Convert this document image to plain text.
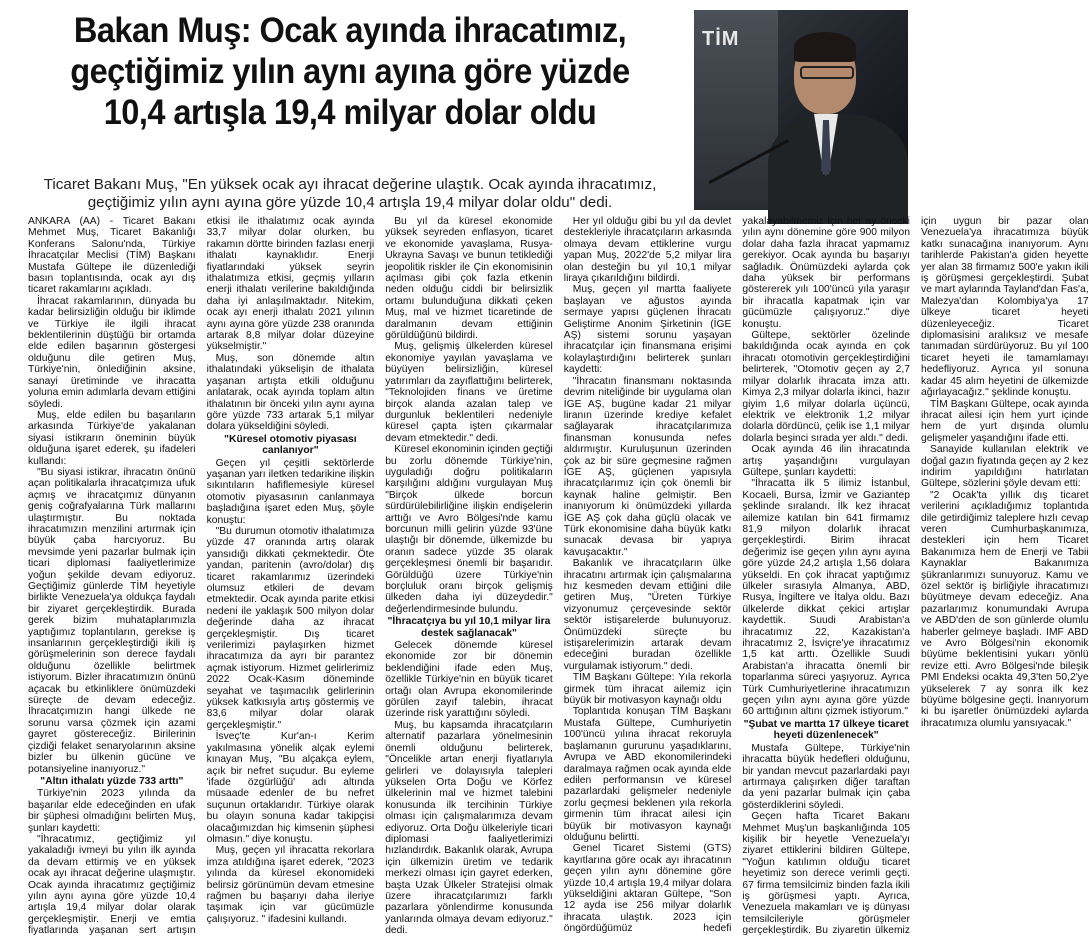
Bakan Muş: Ocak ayında ihracatımız,
geçtiğimiz yılın aynı ayına göre yüzde
10,4 artışla 19,4 milyar dolar oldu
TİM

Ticaret Bakanı Muş, "En yüksek ocak ayı ihracat değerine ulaştık. Ocak ayında ihracatımız,
geçtiğimiz yılın aynı ayına göre yüzde 10,4 artışla 19,4 milyar dolar oldu" dedi.

ANKARA (AA) - Ticaret Bakanı Mehmet Muş, Ticaret Bakanlığı Konferans Salonu'nda, Türkiye İhracatçılar Meclisi (TİM) Başkanı Mustafa Gültepe ile düzenlediği basın toplantısında, ocak ayı dış ticaret rakamlarını açıkladı.

İhracat rakamlarının, dünyada bu kadar belirsizliğin olduğu bir iklimde ve Türkiye ile ilgili ihracat beklentilerinin düştüğü bir ortamda elde edilen başarının göstergesi olduğunu dile getiren Muş, Türkiye'nin, önlediğinin aksine, sanayi üretiminde ve ihracatta yoluna emin adımlarla devam ettiğini söyledi.

Muş, elde edilen bu başarıların arkasında Türkiye'de yakalanan siyasi istikrarın öneminin büyük olduğuna işaret ederek, şu ifadeleri kullandı:

"Bu siyasi istikrar, ihracatın önünü açan politikalarla ihracatçımıza ufuk açmış ve ihracatçımız dünyanın geniş coğrafyalarına Türk mallarını ulaştırmıştır. Bu noktada ihracatımızın menzilini artırmak için büyük çaba harcıyoruz. Bu mevsimde yeni pazarlar bulmak için ticari diplomasi faaliyetlerimize yoğun şekilde devam ediyoruz. Geçtiğimiz günlerde TİM heyetiyle birlikte Venezuela'ya oldukça faydalı bir ziyaret gerçekleştirdik. Burada gerek bizim muhataplarımızla yaptığımız toplantıların, gerekse iş insanlarının gerçekleştirdiği ikili iş görüşmelerinin son derece faydalı olduğunu özellikle belirtmek istiyorum. Bizler ihracatımızın önünü açacak bu etkinliklere önümüzdeki süreçte de devam edeceğiz. İhracatçımızın hangi ülkede ne sorunu varsa çözmek için azami gayret göstereceğiz. Birilerinin çizdiği felaket senaryolarının aksine bizler bu ülkenin gücüne ve potansiyeline inanıyoruz."

"Altın ithalatı yüzde 733 arttı"

Türkiye'nin 2023 yılında da başarılar elde edeceğinden en ufak bir şüphesi olmadığını belirten Muş, şunları kaydetti:

"İhracatımız, geçtiğimiz yıl yakaladığı ivmeyi bu yılın ilk ayında da devam ettirmiş ve en yüksek ocak ayı ihracat değerine ulaşmıştır. Ocak ayında ihracatımız geçtiğimiz yılın aynı ayına göre yüzde 10,4 artışla 19,4 milyar dolar olarak gerçekleşmiştir. Enerji ve emtia fiyatlarında yaşanan sert artışın etkisi ile ithalatımız ocak ayında 33,7 milyar dolar olurken, bu rakamın dörtte birinden fazlası enerji ithalatı kaynaklıdır. Enerji fiyatlarındaki yüksek seyrin ithalatımıza etkisi, geçmiş yılların enerji ithalatı verilerine bakıldığında daha iyi anlaşılmaktadır. Nitekim, ocak ayı enerji ithalatı 2021 yılının aynı ayına göre yüzde 238 oranında artarak 8,8 milyar dolar düzeyine yükselmiştir."

Muş, son dönemde altın ithalatındaki yükselişin de ithalata yaşanan artışta etkili olduğunu anlatarak, ocak ayında toplam altın ithalatının bir önceki yılın aynı ayına göre yüzde 733 artarak 5,1 milyar dolara yükseldiğini söyledi.

"Küresel otomotiv piyasası canlanıyor"

Geçen yıl çeşitli sektörlerde yaşanan yarı iletken tedarikine ilişkin sıkıntıların hafiflemesiyle küresel otomotiv piyasasının canlanmaya başladığına işaret eden Muş, şöyle konuştu:

"Bu durumun otomotiv ithalatımıza yüzde 47 oranında artış olarak yansıdığı dikkati çekmektedir. Öte yandan, paritenin (avro/dolar) dış ticaret rakamlarımız üzerindeki olumsuz etkileri de devam etmektedir. Ocak ayında parite etkisi nedeni ile yaklaşık 500 milyon dolar değerinde daha az ihracat gerçekleşmiştir. Dış ticaret verilerimizi paylaşırken hizmet ihracatımıza da ayrı bir parantez açmak istiyorum. Hizmet gelirlerimiz 2022 Ocak-Kasım döneminde seyahat ve taşımacılık gelirlerinin yüksek katkısıyla artış göstermiş ve 83,6 milyar dolar olarak gerçekleşmiştir."

İsveç'te Kur'an-ı Kerim yakılmasına yönelik alçak eylemi kınayan Muş, "Bu alçakça eylem, açık bir nefret suçudur. Bu eyleme 'ifade özgürlüğü' adı altında müsaade edenler de bu nefret suçunun ortaklarıdır. Türkiye olarak bu olayın sonuna kadar takipçisi olacağımızdan hiç kimsenin şüphesi olmasın." diye konuştu.

Muş, geçen yıl ihracatta rekorlara imza atıldığına işaret ederek, "2023 yılında da küresel ekonomideki belirsiz görünümün devam etmesine rağmen bu başarıyı daha ileriye taşımak için var gücümüzle çalışıyoruz. " ifadesini kullandı.

Bu yıl da küresel ekonomide yüksek seyreden enflasyon, ticaret ve ekonomide yavaşlama, Rusya-Ukrayna Savaşı ve bunun tetiklediği jeopolitik riskler ile Çin ekonomisinin açılması gibi çok fazla etkenin neden olduğu ciddi bir belirsizlik ortamı bulunduğuna dikkati çeken Muş, mal ve hizmet ticaretinde de daralmanın devam ettiğinin görüldüğünü bildirdi.

Muş, gelişmiş ülkelerden küresel ekonomiye yayılan yavaşlama ve büyüyen belirsizliğin, küresel yatırımları da zayıflattığını belirterek, "Teknolojiden finans ve üretime birçok alanda azalan talep ve durgunluk beklentileri nedeniyle küresel çapta işten çıkarmalar devam etmektedir." dedi.

Küresel ekonominin içinden geçtiği bu zorlu dönemde Türkiye'nin, uyguladığı doğru politikaların karşılığını aldığını vurgulayan Muş "Birçok ülkede borcun sürdürülebilirliğine ilişkin endişelerin arttığı ve Avro Bölgesi'nde kamu borcunun milli gelirin yüzde 93'üne ulaştığı bir dönemde, ülkemizde bu oranın sadece yüzde 35 olarak gerçekleşmesi önemli bir başarıdır. Görüldüğü üzere Türkiye'nin borçluluk oranı birçok gelişmiş ülkeden daha iyi düzeydedir." değerlendirmesinde bulundu.

"İhracatçıya bu yıl 10,1 milyar lira destek sağlanacak"

Gelecek dönemde küresel ekonomide zor bir dönemin beklendiğini ifade eden Muş, özellikle Türkiye'nin en büyük ticaret ortağı olan Avrupa ekonomilerinde görülen zayıf talebin, ihracat üzerinde risk yarattığını söyledi.

Muş, bu kapsamda ihracatçıların alternatif pazarlara yönelmesinin önemli olduğunu belirterek, "Öncelikle artan enerji fiyatlarıyla gelirleri ve dolayısıyla talepleri yükselen Orta Doğu ve Körfez ülkelerinin mal ve hizmet talebini konusunda ilk tercihinin Türkiye olması için çalışmalarımıza devam ediyoruz. Orta Doğu ülkeleriyle ticari diplomasi faaliyetlerimizi hızlandırdık. Bakanlık olarak, Avrupa için ülkemizin üretim ve tedarik merkezi olması için gayret ederken, başta Uzak Ülkeler Stratejisi olmak üzere ihracatçılarımızı farklı pazarlara yönlendirme konusunda yanlarında olmaya devam ediyoruz." dedi.

Her yıl olduğu gibi bu yıl da devlet destekleriyle ihracatçıların arkasında olmaya devam ettiklerine vurgu yapan Muş, 2022'de 5,2 milyar lira olan desteğin bu yıl 10,1 milyar liraya çıkarıldığını bildirdi.

Muş, geçen yıl martta faaliyete başlayan ve ağustos ayında sermaye yapısı güçlenen İhracatı Geliştirme Anonim Şirketinin (İGE AŞ) sistemi sorunu yaşayan ihracatçılar için finansmana erişimi kolaylaştırdığını belirterek şunları kaydetti:

"İhracatın finansmanı noktasında devrim niteliğinde bir uygulama olan İGE AŞ, bugüne kadar 21 milyar liranın üzerinde krediye kefalet sağlayarak ihracatçılarımıza finansman konusunda nefes aldırmıştır. Kuruluşunun üzerinden çok az bir süre geçmesine rağmen İGE AŞ, güçlenen yapısıyla ihracatçılarımız için çok önemli bir kaynak haline gelmiştir. Ben inanıyorum ki önümüzdeki yıllarda İGE AŞ çok daha güçlü olacak ve Türk ekonomisine daha büyük katkı sunacak devasa bir yapıya kavuşacaktır."

Bakanlık ve ihracatçıların ülke ihracatını artırmak için çalışmalarına hız kesmeden devam ettiğini dile getiren Muş, "Üreten Türkiye vizyonumuz çerçevesinde sektör sektör istişarelerde bulunuyoruz. Önümüzdeki süreçte bu istişarelerimizin artarak devam edeceğini buradan özellikle vurgulamak istiyorum." dedi.

TİM Başkanı Gültepe: Yıla rekorla girmek tüm ihracat ailemiz için büyük bir motivasyon kaynağı oldu

Toplantıda konuşan TİM Başkanı Mustafa Gültepe, Cumhuriyetin 100'üncü yılına ihracat rekoruyla başlamanın gururunu yaşadıklarını, Avrupa ve ABD ekonomilerindeki daralmaya rağmen ocak ayında elde edilen performansın ve küresel pazarlardaki gelişmeler nedeniyle zorlu geçmesi beklenen yıla rekorla girmenin tüm ihracat ailesi için büyük bir motivasyon kaynağı olduğunu belirtti.

Genel Ticaret Sistemi (GTS) kayıtlarına göre ocak ayı ihracatının geçen yılın aynı dönemine göre yüzde 10,4 artışla 19,4 milyar dolara yükseldiğini aktaran Gültepe, "Son 12 ayda ise 256 milyar dolarlık ihracata ulaştık. 2023 için öngördüğümüz hedefi yakalayabilmemiz için her ay önceki yılın aynı dönemine göre 900 milyon dolar daha fazla ihracat yapmamız gerekiyor. Ocak ayında bu başarıyı sağladık. Önümüzdeki aylarda çok daha yüksek bir performans göstererek yılı 100'üncü yıla yaraşır bir ihracatla kapatmak için var gücümüzle çalışıyoruz." diye konuştu.

Gültepe, sektörler özelinde bakıldığında ocak ayında en çok ihracatı otomotivin gerçekleştirdiğini belirterek, "Otomotiv geçen ay 2,7 milyar dolarlık ihracata imza attı. Kimya 2,3 milyar dolarla ikinci, hazır giyim 1,6 milyar dolarla üçüncü, elektrik ve elektronik 1,2 milyar dolarla dördüncü, çelik ise 1,1 milyar dolarla beşinci sırada yer aldı." dedi.

Ocak ayında 46 ilin ihracatında artış yaşandığını vurgulayan Gültepe, şunları kaydetti:

"İhracatta ilk 5 ilimiz İstanbul, Kocaeli, Bursa, İzmir ve Gaziantep şeklinde sıralandı. İlk kez ihracat ailemize katılan bin 641 firmamız 81,9 milyon dolarlık ihracat gerçekleştirdi. Birim ihracat değerimiz ise geçen yılın aynı ayına göre yüzde 24,2 artışla 1,56 dolara yükseldi. En çok ihracat yaptığımız ülkeler sırasıyla Almanya, ABD, Rusya, İngiltere ve İtalya oldu. Bazı ülkelerde dikkat çekici artışlar kaydettik. Suudi Arabistan'a ihracatımız 22, Kazakistan'a ihracatımız 2, İsviçre'ye ihracatımız 1,5 kat arttı. Özellikle Suudi Arabistan'a ihracatta önemli bir toparlanma süreci yaşıyoruz. Ayrıca Türk Cumhuriyetlerine ihracatımızın geçen yılın aynı ayına göre yüzde 60 arttığının altını çizmek istiyorum."

"Şubat ve martta 17 ülkeye ticaret heyeti düzenlenecek"

Mustafa Gültepe, Türkiye'nin ihracatta büyük hedefleri olduğunu, bir yandan mevcut pazarlardaki payı artırmaya çalışırken diğer taraftan da yeni pazarlar bulmak için çaba gösterdiklerini söyledi.

Geçen hafta Ticaret Bakanı Mehmet Muş'un başkanlığında 105 kişilik bir heyetle Venezuela'yı ziyaret ettiklerini bildiren Gültepe, "Yoğun katılımın olduğu ticaret heyetimiz son derece verimli geçti. 67 firma temsilcimiz binden fazla ikili iş görüşmesi yaptı. Ayrıca, Venezuela makamları ve iş dünyası temsilcileriyle görüşmeler gerçekleştirdik. Bu ziyaretin ülkemiz için uygun bir pazar olan Venezuela'ya ihracatımıza büyük katkı sunacağına inanıyorum. Aynı tarihlerde Pakistan'a giden heyette yer alan 38 firmamız 500'e yakın ikili iş görüşmesi gerçekleştirdi. Şubat ve mart aylarında Tayland'dan Fas'a, Malezya'dan Kolombiya'ya 17 ülkeye ticaret heyeti düzenleyeceğiz. Ticaret diplomasisini aralıksız ve mesafe tanımadan sürdürüyoruz. Bu yıl 100 ticaret heyeti ile tamamlamayı hedefliyoruz. Ayrıca yıl sonuna kadar 45 alım heyetini de ülkemizde ağırlayacağız." şeklinde konuştu.

TİM Başkanı Gültepe, ocak ayında ihracat ailesi için hem yurt içinde hem de yurt dışında olumlu gelişmeler yaşandığını ifade etti.

Sanayide kullanılan elektrik ve doğal gazın fiyatında geçen ay 2 kez indirim yapıldığını hatırlatan Gültepe, sözlerini şöyle devam etti:

"2 Ocak'ta yıllık dış ticaret verilerini açıkladığımız toplantıda dile getirdiğimiz taleplere hızlı cevap veren Cumhurbaşkanımıza, destekleri için hem Ticaret Bakanımıza hem de Enerji ve Tabii Kaynaklar Bakanımıza şükranlarımızı sunuyoruz. Kamu ve özel sektör iş birliğiyle ihracatımızı büyütmeye devam edeceğiz. Ana pazarlarımız konumundaki Avrupa ve ABD'den de son günlerde olumlu haberler gelmeye başladı. IMF ABD ve Avro Bölgesi'nin ekonomik büyüme beklentisini yukarı yönlü revize etti. Avro Bölgesi'nde bileşik PMI Endeksi ocakta 49,3'ten 50,2'ye yükselerek 7 ay sonra ilk kez büyüme bölgesine geçti. İnanıyorum ki bu işaretler önümüzdeki aylarda ihracatımıza olumlu yansıyacak."
